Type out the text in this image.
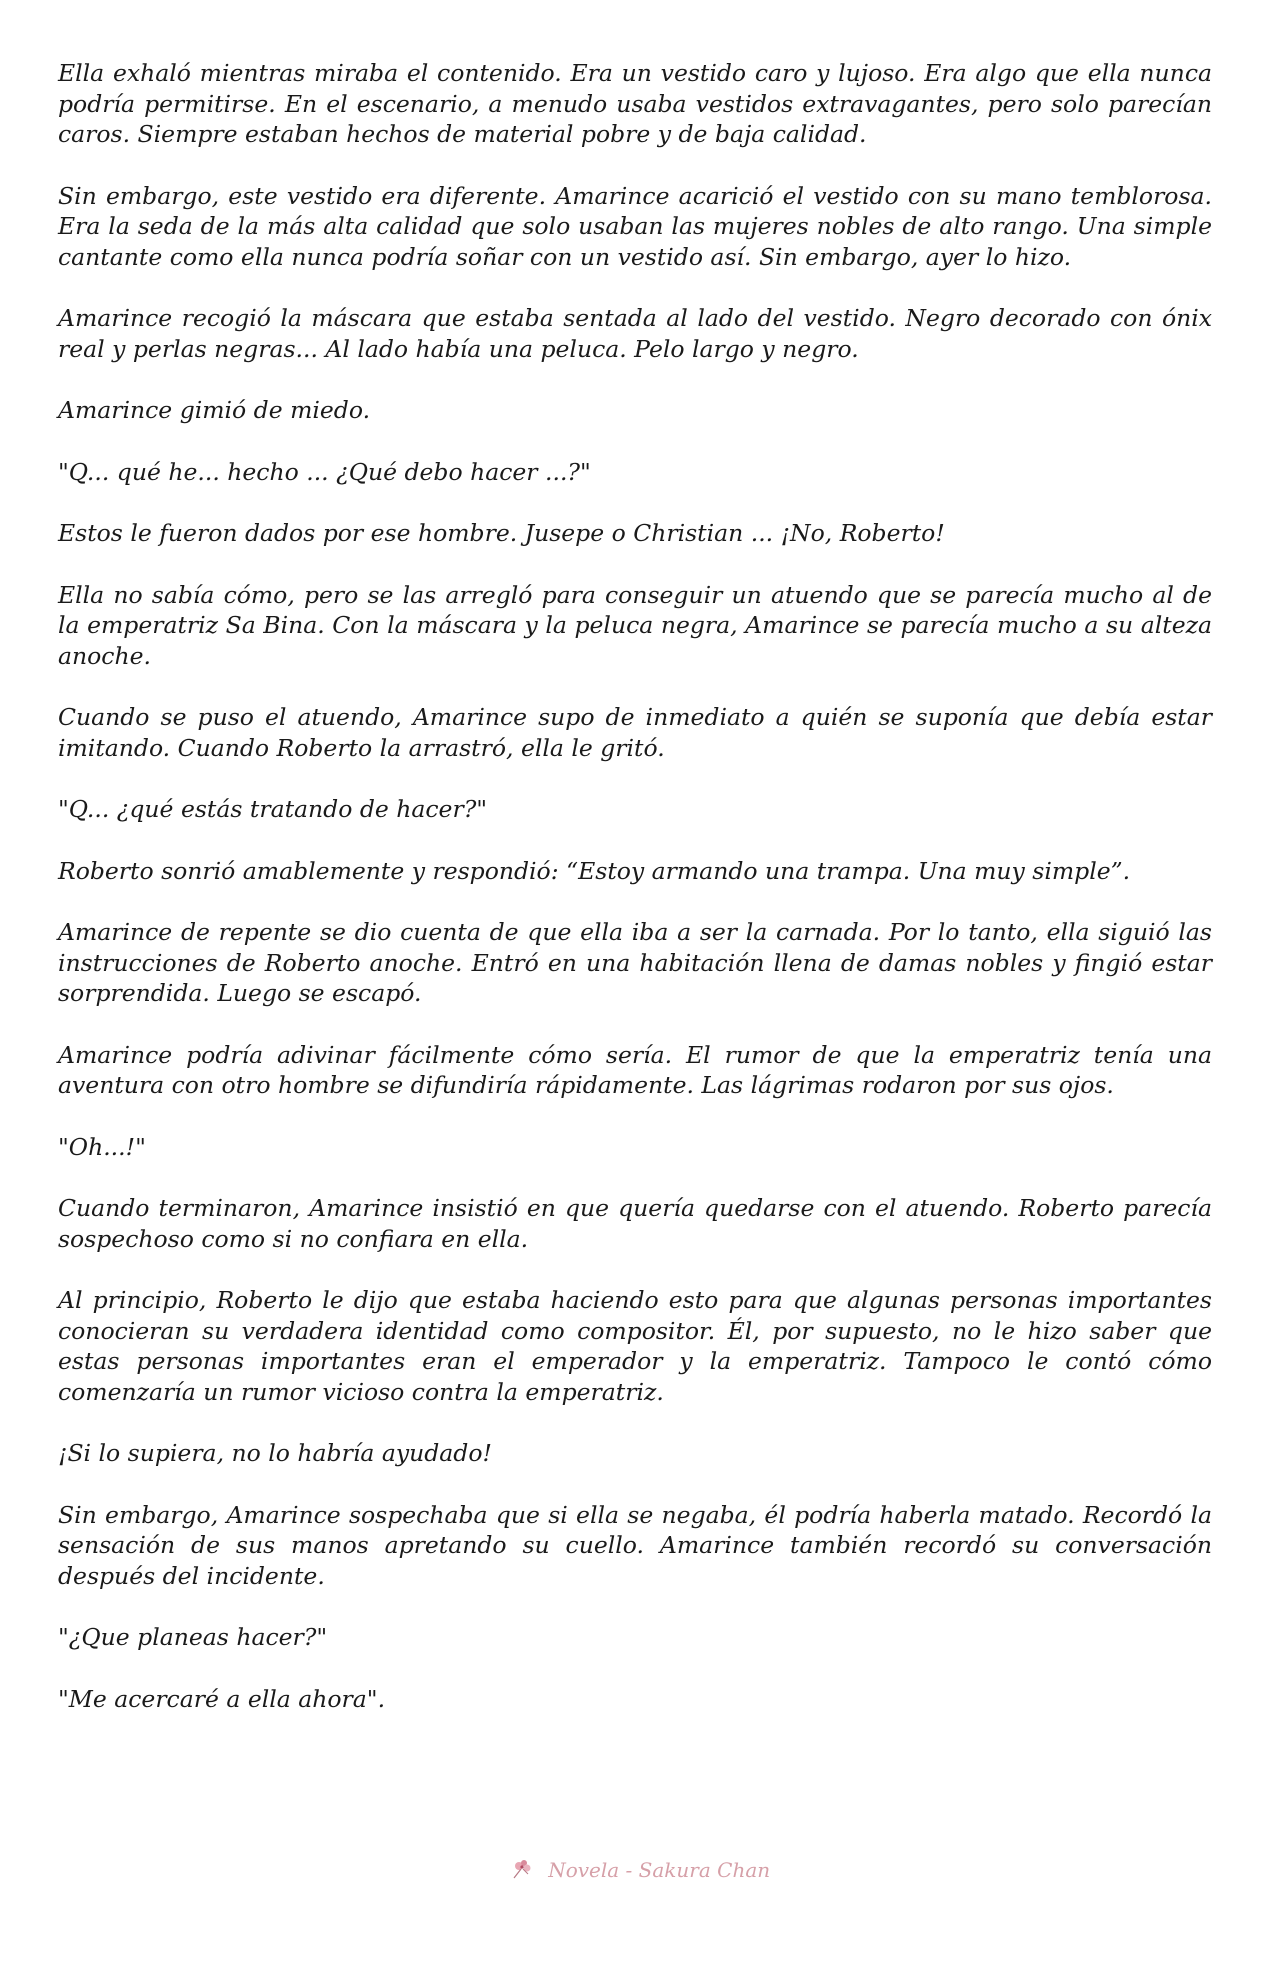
Ella exhaló mientras miraba el contenido. Era un vestido caro y lujoso. Era algo que ella nunca podría permitirse. En el escenario, a menudo usaba vestidos extravagantes, pero solo parecían caros. Siempre estaban hechos de material pobre y de baja calidad.

Sin embargo, este vestido era diferente. Amarince acarició el vestido con su mano temblorosa. Era la seda de la más alta calidad que solo usaban las mujeres nobles de alto rango. Una simple cantante como ella nunca podría soñar con un vestido así. Sin embargo, ayer lo hizo.

Amarince recogió la máscara que estaba sentada al lado del vestido. Negro decorado con ónix real y perlas negras... Al lado había una peluca. Pelo largo y negro.

Amarince gimió de miedo.

"Q... qué he... hecho ... ¿Qué debo hacer ...?"

Estos le fueron dados por ese hombre. Jusepe o Christian ... ¡No, Roberto!

Ella no sabía cómo, pero se las arregló para conseguir un atuendo que se parecía mucho al de la emperatriz Sa Bina. Con la máscara y la peluca negra, Amarince se parecía mucho a su alteza anoche.

Cuando se puso el atuendo, Amarince supo de inmediato a quién se suponía que debía estar imitando. Cuando Roberto la arrastró, ella le gritó.

"Q... ¿qué estás tratando de hacer?"

Roberto sonrió amablemente y respondió: “Estoy armando una trampa. Una muy simple”.

Amarince de repente se dio cuenta de que ella iba a ser la carnada. Por lo tanto, ella siguió las instrucciones de Roberto anoche. Entró en una habitación llena de damas nobles y fingió estar sorprendida. Luego se escapó.

Amarince podría adivinar fácilmente cómo sería. El rumor de que la emperatriz tenía una aventura con otro hombre se difundiría rápidamente. Las lágrimas rodaron por sus ojos.

"Oh...!"

Cuando terminaron, Amarince insistió en que quería quedarse con el atuendo. Roberto parecía sospechoso como si no confiara en ella.

Al principio, Roberto le dijo que estaba haciendo esto para que algunas personas importantes conocieran su verdadera identidad como compositor. Él, por supuesto, no le hizo saber que estas personas importantes eran el emperador y la emperatriz. Tampoco le contó cómo comenzaría un rumor vicioso contra la emperatriz.

¡Si lo supiera, no lo habría ayudado!

Sin embargo, Amarince sospechaba que si ella se negaba, él podría haberla matado. Recordó la sensación de sus manos apretando su cuello. Amarince también recordó su conversación después del incidente.

"¿Que planeas hacer?"

"Me acercaré a ella ahora".

Novela - Sakura Chan
